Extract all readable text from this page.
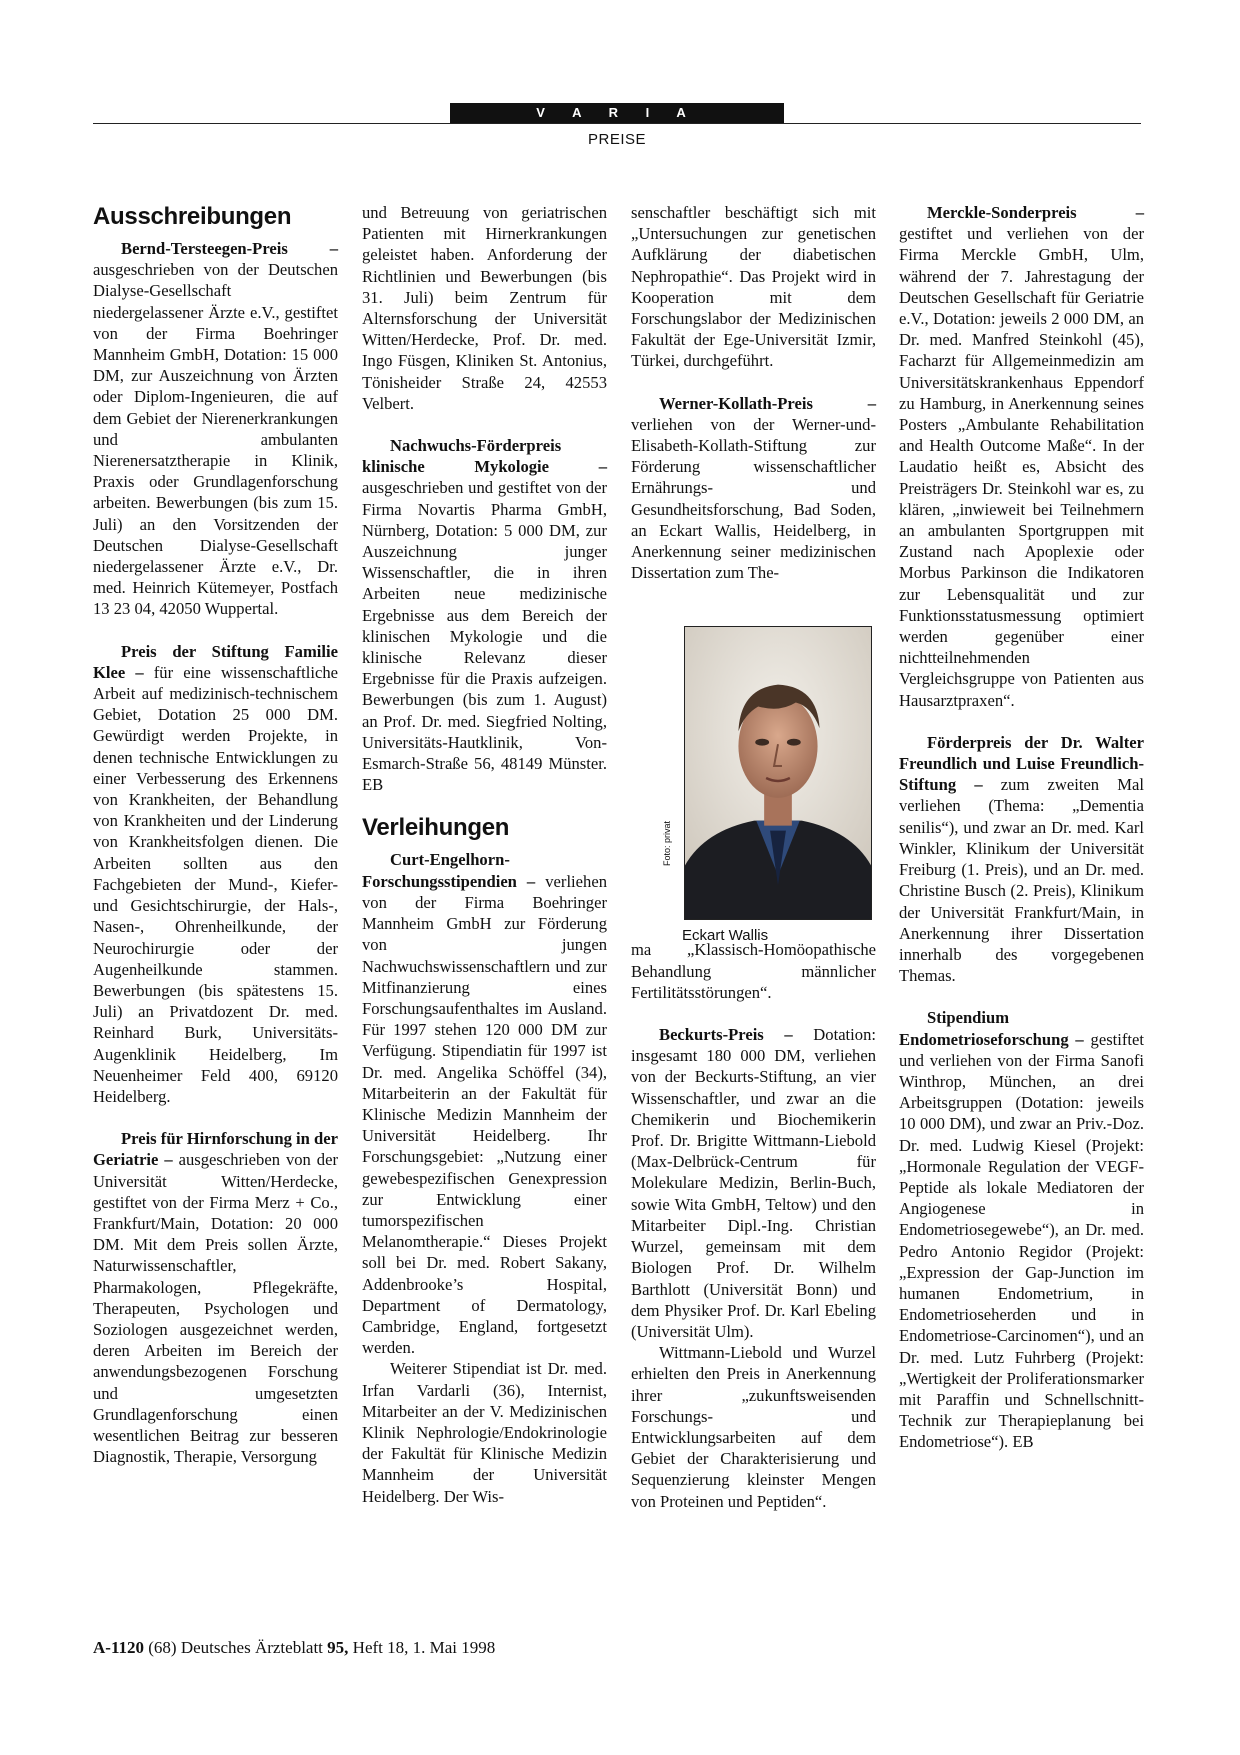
V A R I A
PREISE
Ausschreibungen

Bernd-Tersteegen-Preis – ausgeschrieben von der Deutschen Dialyse-Gesellschaft niedergelassener Ärzte e.V., gestiftet von der Firma Boehringer Mannheim GmbH, Dotation: 15 000 DM, zur Auszeichnung von Ärzten oder Diplom-Ingenieuren, die auf dem Gebiet der Nierenerkrankungen und ambulanten Nierenersatztherapie in Klinik, Praxis oder Grundlagenforschung arbeiten. Bewerbungen (bis zum 15. Juli) an den Vorsitzenden der Deutschen Dialyse-Gesellschaft niedergelassener Ärzte e.V., Dr. med. Heinrich Kütemeyer, Postfach 13 23 04, 42050 Wuppertal.

Preis der Stiftung Familie Klee – für eine wissenschaftliche Arbeit auf medizinisch-technischem Gebiet, Dotation 25 000 DM. Gewürdigt werden Projekte, in denen technische Entwicklungen zu einer Verbesserung des Erkennens von Krankheiten, der Behandlung von Krankheiten und der Linderung von Krankheitsfolgen dienen. Die Arbeiten sollten aus den Fachgebieten der Mund-, Kiefer- und Gesichtschirurgie, der Hals-, Nasen-, Ohrenheilkunde, der Neurochirurgie oder der Augenheilkunde stammen. Bewerbungen (bis spätestens 15. Juli) an Privatdozent Dr. med. Reinhard Burk, Universitäts-Augenklinik Heidelberg, Im Neuenheimer Feld 400, 69120 Heidelberg.

Preis für Hirnforschung in der Geriatrie – ausgeschrieben von der Universität Witten/Herdecke, gestiftet von der Firma Merz + Co., Frankfurt/Main, Dotation: 20 000 DM. Mit dem Preis sollen Ärzte, Naturwissenschaftler, Pharmakologen, Pflegekräfte, Therapeuten, Psychologen und Soziologen ausgezeichnet werden, deren Arbeiten im Bereich der anwendungsbezogenen Forschung und umgesetzten Grundlagenforschung einen wesentlichen Beitrag zur besseren Diagnostik, Therapie, Versorgung

und Betreuung von geriatrischen Patienten mit Hirnerkrankungen geleistet haben. Anforderung der Richtlinien und Bewerbungen (bis 31. Juli) beim Zentrum für Alternsforschung der Universität Witten/Herdecke, Prof. Dr. med. Ingo Füsgen, Kliniken St. Antonius, Tönisheider Straße 24, 42553 Velbert.

Nachwuchs-Förderpreis klinische Mykologie – ausgeschrieben und gestiftet von der Firma Novartis Pharma GmbH, Nürnberg, Dotation: 5 000 DM, zur Auszeichnung junger Wissenschaftler, die in ihren Arbeiten neue medizinische Ergebnisse aus dem Bereich der klinischen Mykologie und die klinische Relevanz dieser Ergebnisse für die Praxis aufzeigen. Bewerbungen (bis zum 1. August) an Prof. Dr. med. Siegfried Nolting, Universitäts-Hautklinik, Von-Esmarch-Straße 56, 48149 Münster. EB

Verleihungen

Curt-Engelhorn-Forschungsstipendien – verliehen von der Firma Boehringer Mannheim GmbH zur Förderung von jungen Nachwuchswissenschaftlern und zur Mitfinanzierung eines Forschungsaufenthaltes im Ausland. Für 1997 stehen 120 000 DM zur Verfügung. Stipendiatin für 1997 ist Dr. med. Angelika Schöffel (34), Mitarbeiterin an der Fakultät für Klinische Medizin Mannheim der Universität Heidelberg. Ihr Forschungsgebiet: „Nutzung einer gewebespezifischen Genexpression zur Entwicklung einer tumorspezifischen Melanomtherapie.“ Dieses Projekt soll bei Dr. med. Robert Sakany, Addenbrooke’s Hospital, Department of Dermatology, Cambridge, England, fortgesetzt werden.

Weiterer Stipendiat ist Dr. med. Irfan Vardarli (36), Internist, Mitarbeiter an der V. Medizinischen Klinik Nephrologie/Endokrinologie der Fakultät für Klinische Medizin Mannheim der Universität Heidelberg. Der Wis-

senschaftler beschäftigt sich mit „Untersuchungen zur genetischen Aufklärung der diabetischen Nephropathie“. Das Projekt wird in Kooperation mit dem Forschungslabor der Medizinischen Fakultät der Ege-Universität Izmir, Türkei, durchgeführt.

Werner-Kollath-Preis – verliehen von der Werner-und-Elisabeth-Kollath-Stiftung zur Förderung wissenschaftlicher Ernährungs- und Gesundheitsforschung, Bad Soden, an Eckart Wallis, Heidelberg, in Anerkennung seiner medizinischen Dissertation zum The-

ma „Klassisch-Homöopathische Behandlung männlicher Fertilitätsstörungen“.

Beckurts-Preis – Dotation: insgesamt 180 000 DM, verliehen von der Beckurts-Stiftung, an vier Wissenschaftler, und zwar an die Chemikerin und Biochemikerin Prof. Dr. Brigitte Wittmann-Liebold (Max-Delbrück-Centrum für Molekulare Medizin, Berlin-Buch, sowie Wita GmbH, Teltow) und den Mitarbeiter Dipl.-Ing. Christian Wurzel, gemeinsam mit dem Biologen Prof. Dr. Wilhelm Barthlott (Universität Bonn) und dem Physiker Prof. Dr. Karl Ebeling (Universität Ulm).

Wittmann-Liebold und Wurzel erhielten den Preis in Anerkennung ihrer „zukunftsweisenden Forschungs- und Entwicklungsarbeiten auf dem Gebiet der Charakterisierung und Sequenzierung kleinster Mengen von Proteinen und Peptiden“.

Foto: privat
Eckart Wallis

Merckle-Sonderpreis – gestiftet und verliehen von der Firma Merckle GmbH, Ulm, während der 7. Jahrestagung der Deutschen Gesellschaft für Geriatrie e.V., Dotation: jeweils 2 000 DM, an Dr. med. Manfred Steinkohl (45), Facharzt für Allgemeinmedizin am Universitätskrankenhaus Eppendorf zu Hamburg, in Anerkennung seines Posters „Ambulante Rehabilitation and Health Outcome Maße“. In der Laudatio heißt es, Absicht des Preisträgers Dr. Steinkohl war es, zu klären, „inwieweit bei Teilnehmern an ambulanten Sportgruppen mit Zustand nach Apoplexie oder Morbus Parkinson die Indikatoren zur Lebensqualität und zur Funktionsstatusmessung optimiert werden gegenüber einer nichtteilnehmenden Vergleichsgruppe von Patienten aus Hausarztpraxen“.

Förderpreis der Dr. Walter Freundlich und Luise Freundlich-Stiftung – zum zweiten Mal verliehen (Thema: „Dementia senilis“), und zwar an Dr. med. Karl Winkler, Klinikum der Universität Freiburg (1. Preis), und an Dr. med. Christine Busch (2. Preis), Klinikum der Universität Frankfurt/Main, in Anerkennung ihrer Dissertation innerhalb des vorgegebenen Themas.

Stipendium Endometrioseforschung – gestiftet und verliehen von der Firma Sanofi Winthrop, München, an drei Arbeitsgruppen (Dotation: jeweils 10 000 DM), und zwar an Priv.-Doz. Dr. med. Ludwig Kiesel (Projekt: „Hormonale Regulation der VEGF-Peptide als lokale Mediatoren der Angiogenese in Endometriosegewebe“), an Dr. med. Pedro Antonio Regidor (Projekt: „Expression der Gap-Junction im humanen Endometrium, in Endometrioseherden und in Endometriose-Carcinomen“), und an Dr. med. Lutz Fuhrberg (Projekt: „Wertigkeit der Proliferationsmarker mit Paraffin und Schnellschnitt-Technik zur Therapieplanung bei Endometriose“). EB

A-1120 (68) Deutsches Ärzteblatt 95, Heft 18, 1. Mai 1998
